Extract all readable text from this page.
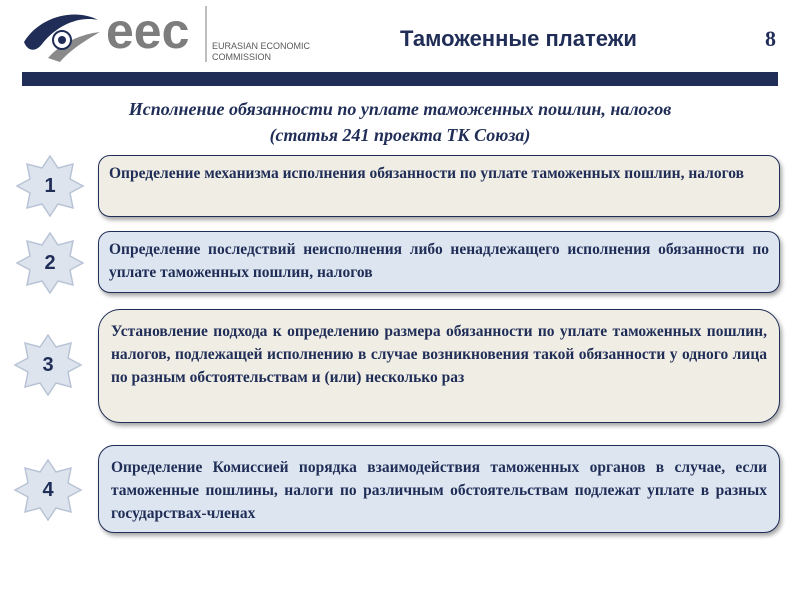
eec	EURASIAN ECONOMIC
COMMISSION
Таможенные платежи	8
Исполнение обязанности по уплате таможенных пошлин, налогов
(статья 241 проекта ТК Союза)
1
Определение механизма исполнения обязанности по уплате таможенных пошлин, налогов
2
Определение последствий неисполнения либо ненадлежащего исполнения обязанности по уплате таможенных пошлин, налогов
3
Установление подхода к определению размера обязанности по уплате таможенных пошлин, налогов, подлежащей исполнению в случае возникновения такой обязанности у одного лица по разным обстоятельствам и (или) несколько раз
4
Определение Комиссией порядка взаимодействия таможенных органов в случае, если таможенные пошлины, налоги по различным обстоятельствам подлежат уплате в разных государствах-членах
